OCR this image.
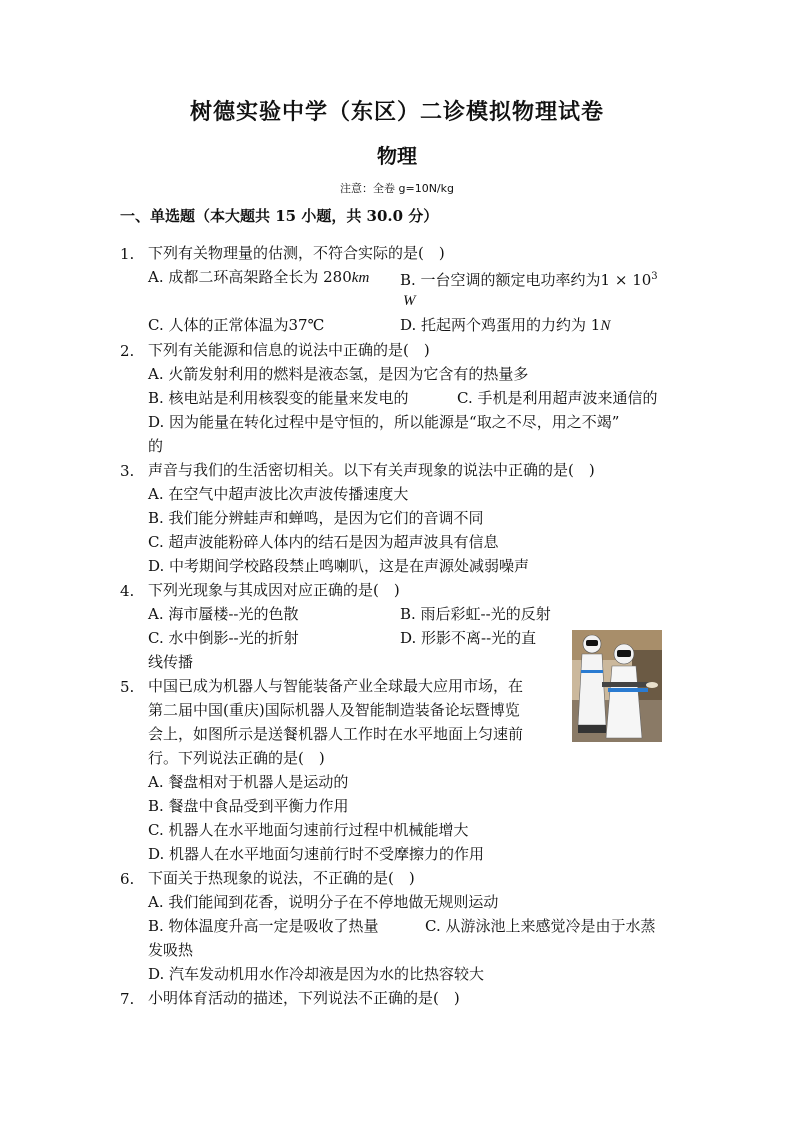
树德实验中学（东区）二诊模拟物理试卷
物理
注意：全卷 g=10N/kg
一、单选题（本大题共 15 小题，共 30.0 分）
1. 下列有关物理量的估测，不符合实际的是(　)
A. 成都二环高架路全长为 280km B. 一台空调的额定电功率约为$1 \times 10^3$
W
C. 人体的正常体温为37℃	D. 托起两个鸡蛋用的力约为 1N
2. 下列有关能源和信息的说法中正确的是(　)
A. 火箭发射利用的燃料是液态氢，是因为它含有的热量多
B. 核电站是利用核裂变的能量来发电的	C. 手机是利用超声波来通信的
D. 因为能量在转化过程中是守恒的，所以能源是“取之不尽，用之不竭”
的
3. 声音与我们的生活密切相关。以下有关声现象的说法中正确的是(　)
A. 在空气中超声波比次声波传播速度大
B. 我们能分辨蛙声和蝉鸣，是因为它们的音调不同
C. 超声波能粉碎人体内的结石是因为超声波具有信息
D. 中考期间学校路段禁止鸣喇叭，这是在声源处减弱噪声
4. 下列光现象与其成因对应正确的是(　)
A. 海市蜃楼--光的色散	B. 雨后彩虹--光的反射
C. 水中倒影--光的折射	D. 形影不离--光的直
线传播
5. 中国已成为机器人与智能装备产业全球最大应用市场，在
第二届中国(重庆)国际机器人及智能制造装备论坛暨博览
会上，如图所示是送餐机器人工作时在水平地面上匀速前
行。下列说法正确的是(　)
A. 餐盘相对于机器人是运动的
B. 餐盘中食品受到平衡力作用
C. 机器人在水平地面匀速前行过程中机械能增大
D. 机器人在水平地面匀速前行时不受摩擦力的作用
6. 下面关于热现象的说法，不正确的是(　)
A. 我们能闻到花香，说明分子在不停地做无规则运动
B. 物体温度升高一定是吸收了热量	C. 从游泳池上来感觉冷是由于水蒸
发吸热
D. 汽车发动机用水作冷却液是因为水的比热容较大
7. 小明体育活动的描述，下列说法不正确的是(　)
